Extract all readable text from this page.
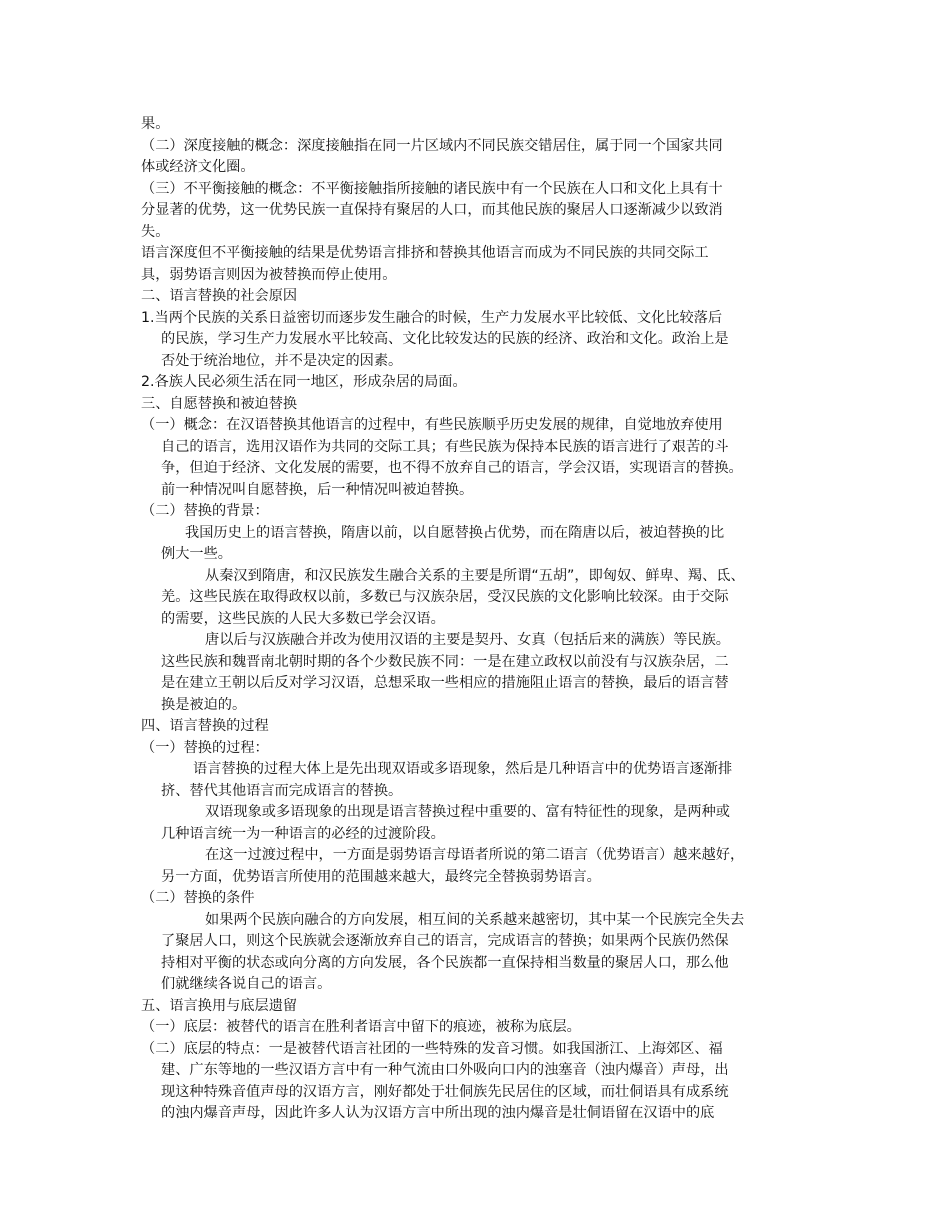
果。
（二）深度接触的概念：深度接触指在同一片区域内不同民族交错居住，属于同一个国家共同
体或经济文化圈。
（三）不平衡接触的概念：不平衡接触指所接触的诸民族中有一个民族在人口和文化上具有十
分显著的优势，这一优势民族一直保持有聚居的人口，而其他民族的聚居人口逐渐减少以致消
失。
语言深度但不平衡接触的结果是优势语言排挤和替换其他语言而成为不同民族的共同交际工
具，弱势语言则因为被替换而停止使用。
二、语言替换的社会原因
1.当两个民族的关系日益密切而逐步发生融合的时候，生产力发展水平比较低、文化比较落后
的民族，学习生产力发展水平比较高、文化比较发达的民族的经济、政治和文化。政治上是
否处于统治地位，并不是决定的因素。
2.各族人民必须生活在同一地区，形成杂居的局面。
三、自愿替换和被迫替换
（一）概念：在汉语替换其他语言的过程中，有些民族顺乎历史发展的规律，自觉地放弃使用
自己的语言，选用汉语作为共同的交际工具；有些民族为保持本民族的语言进行了艰苦的斗
争，但迫于经济、文化发展的需要，也不得不放弃自己的语言，学会汉语，实现语言的替换。
前一种情况叫自愿替换，后一种情况叫被迫替换。
（二）替换的背景：
我国历史上的语言替换，隋唐以前，以自愿替换占优势，而在隋唐以后，被迫替换的比
例大一些。
从秦汉到隋唐，和汉民族发生融合关系的主要是所谓“五胡”，即匈奴、鲜卑、羯、氐、
羌。这些民族在取得政权以前，多数已与汉族杂居，受汉民族的文化影响比较深。由于交际
的需要，这些民族的人民大多数已学会汉语。
唐以后与汉族融合并改为使用汉语的主要是契丹、女真（包括后来的满族）等民族。
这些民族和魏晋南北朝时期的各个少数民族不同：一是在建立政权以前没有与汉族杂居，二
是在建立王朝以后反对学习汉语，总想采取一些相应的措施阻止语言的替换，最后的语言替
换是被迫的。
四、语言替换的过程
（一）替换的过程：
语言替换的过程大体上是先出现双语或多语现象，然后是几种语言中的优势语言逐渐排
挤、替代其他语言而完成语言的替换。
双语现象或多语现象的出现是语言替换过程中重要的、富有特征性的现象，是两种或
几种语言统一为一种语言的必经的过渡阶段。
在这一过渡过程中，一方面是弱势语言母语者所说的第二语言（优势语言）越来越好，
另一方面，优势语言所使用的范围越来越大，最终完全替换弱势语言。
（二）替换的条件
如果两个民族向融合的方向发展，相互间的关系越来越密切，其中某一个民族完全失去
了聚居人口，则这个民族就会逐渐放弃自己的语言，完成语言的替换；如果两个民族仍然保
持相对平衡的状态或向分离的方向发展，各个民族都一直保持相当数量的聚居人口，那么他
们就继续各说自己的语言。
五、语言换用与底层遗留
（一）底层：被替代的语言在胜利者语言中留下的痕迹，被称为底层。
（二）底层的特点：一是被替代语言社团的一些特殊的发音习惯。如我国浙江、上海郊区、福
建、广东等地的一些汉语方言中有一种气流由口外吸向口内的浊塞音（浊内爆音）声母，出
现这种特殊音值声母的汉语方言，刚好都处于壮侗族先民居住的区域，而壮侗语具有成系统
的浊内爆音声母，因此许多人认为汉语方言中所出现的浊内爆音是壮侗语留在汉语中的底
